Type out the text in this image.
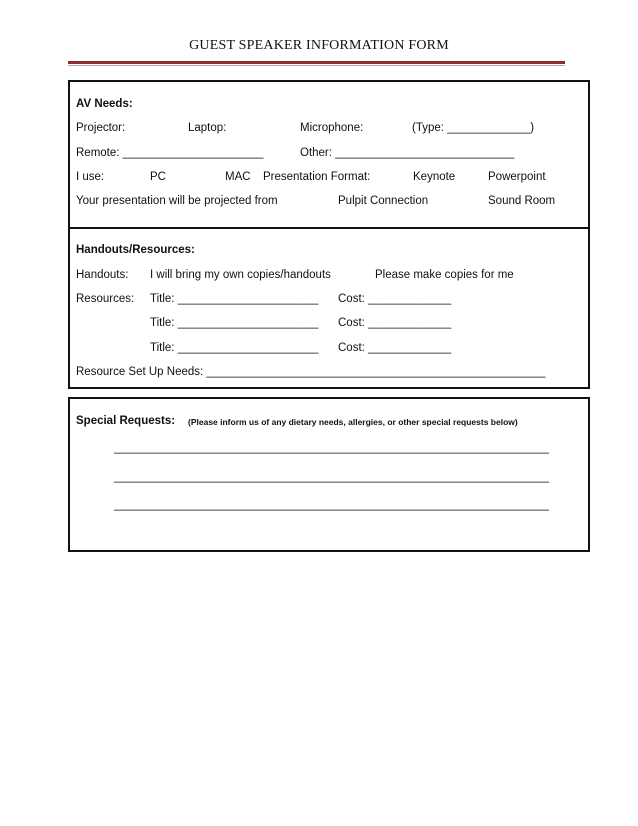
GUEST SPEAKER INFORMATION FORM
AV Needs:
Projector:	Laptop:	Microphone:	(Type: _____________)
Remote: ______________________	Other: ____________________________
I use:	PC	MAC Presentation Format:	Keynote	Powerpoint
Your presentation will be projected from	Pulpit Connection	Sound Room
Handouts/Resources:
Handouts: I will bring my own copies/handouts	Please make copies for me
Resources: Title: ______________________ Cost: _____________
Title: ______________________ Cost: _____________
Title: ______________________ Cost: _____________
Resource Set Up Needs: _____________________________________________________
Special Requests: (Please inform us of any dietary needs, allergies, or other special requests below)
____________________________________________________________________
____________________________________________________________________
____________________________________________________________________
